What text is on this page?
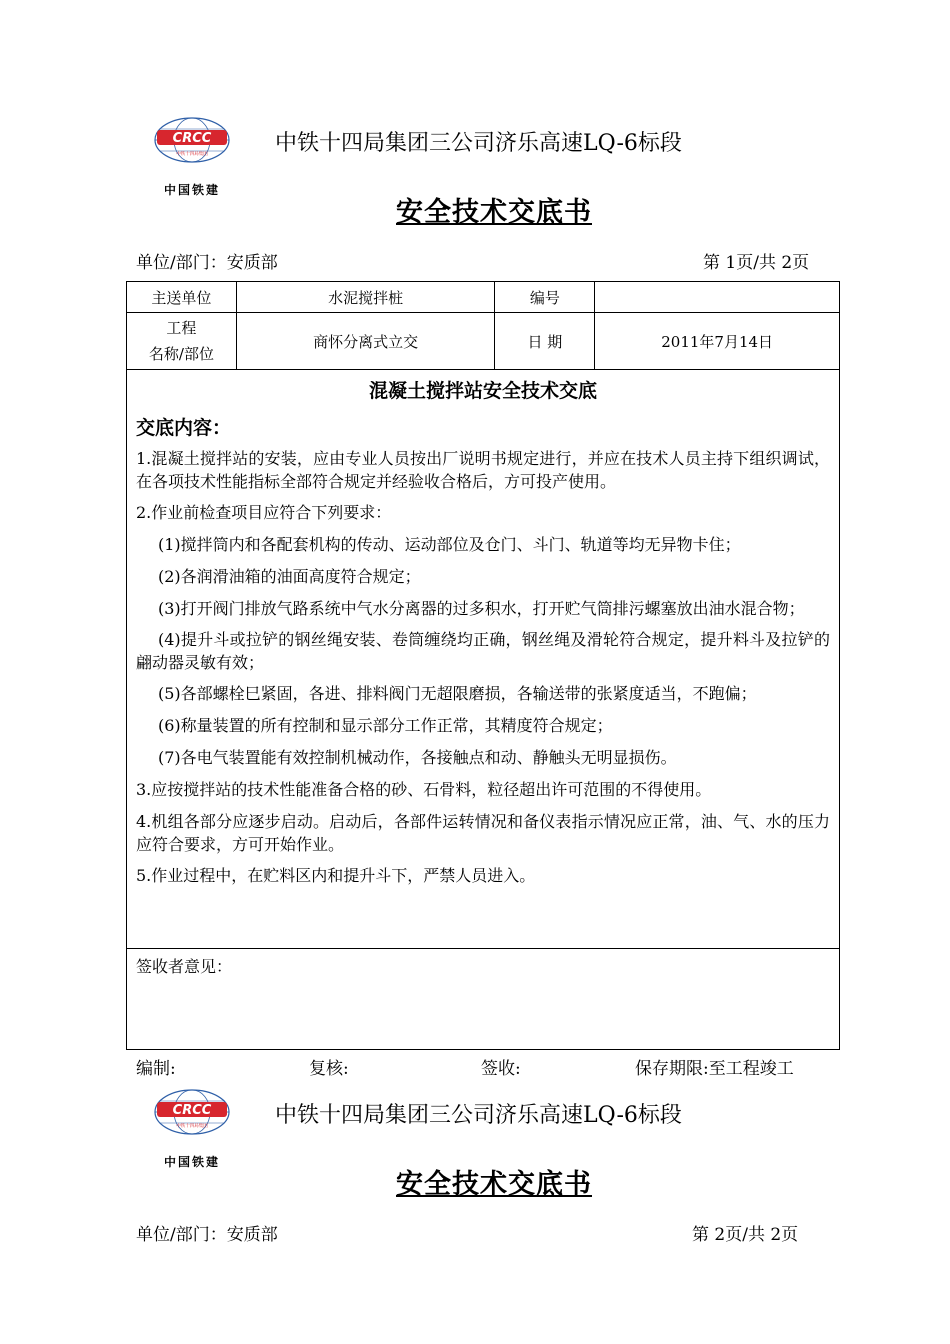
CRCC
中铁十四局集团
中国铁建
中铁十四局集团三公司济乐高速LQ-6标段
安全技术交底书
单位/部门：安质部	第 1页/共 2页
主送单位	水泥搅拌桩	编号	

工程
名称/部位	商怀分离式立交	日 期	2011年7月14日
混凝土搅拌站安全技术交底
交底内容：
1.混凝土搅拌站的安装，应由专业人员按出厂说明书规定进行，并应在技术人员主持下组织调试，在各项技术性能指标全部符合规定并经验收合格后，方可投产使用。
2.作业前检查项目应符合下列要求：
(1)搅拌筒内和各配套机构的传动、运动部位及仓门、斗门、轨道等均无异物卡住；
(2)各润滑油箱的油面高度符合规定；
(3)打开阀门排放气路系统中气水分离器的过多积水，打开贮气筒排污螺塞放出油水混合物；
(4)提升斗或拉铲的钢丝绳安装、卷筒缠绕均正确，钢丝绳及滑轮符合规定，提升料斗及拉铲的翩动器灵敏有效；
(5)各部螺栓巳紧固，各进、排料阀门无超限磨损，各输送带的张紧度适当，不跑偏；
(6)称量装置的所有控制和显示部分工作正常，其精度符合规定；
(7)各电气装置能有效控制机械动作，各接触点和动、静触头无明显损伤。
3.应按搅拌站的技术性能准备合格的砂、石骨料，粒径超出许可范围的不得使用。
4.机组各部分应逐步启动。启动后，各部件运转情况和备仪表指示情况应正常，油、气、水的压力应符合要求，方可开始作业。
5.作业过程中，在贮料区内和提升斗下，严禁人员进入。
签收者意见：
编制:	复核:	签收:	保存期限:至工程竣工
CRCC
中铁十四局集团
中国铁建
中铁十四局集团三公司济乐高速LQ-6标段
安全技术交底书
单位/部门：安质部	第 2页/共 2页
